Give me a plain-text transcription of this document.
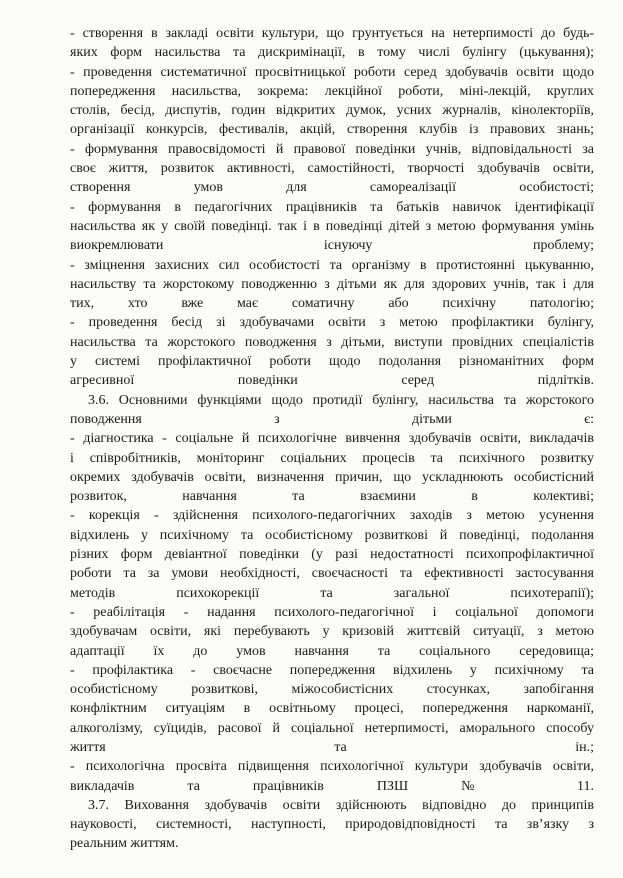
- створення в закладі освіти культури, що грунтується на нетерпимості до будь-
яких форм насильства та дискримінації, в тому числі булінгу (цькування);
- проведення систематичної просвітницької роботи серед здобувачів освіти щодо
попередження насильства, зокрема: лекційної роботи, міні-лекцій, круглих
столів, бесід, диспутів, годин відкритих думок, усних журналів, кінолекторіїв,
організації конкурсів, фестивалів, акцій, створення клубів із правових знань;
- формування правосвідомості й правової поведінки учнів, відповідальності за
своє життя, розвиток активності, самостійності, творчості здобувачів освіти,
створення умов для самореалізації особистості;
- формування в педагогічних працівників та батьків навичок ідентифікації
насильства як у своїй поведінці. так і в поведінці дітей з метою формування умінь
виокремлювати існуючу проблему;
- зміцнення захисних сил особистості та організму в протистоянні цькуванню,
насильству та жорстокому поводженню з дітьми як для здорових учнів, так і для
тих, хто вже має соматичну або психічну патологію;
- проведення бесід зі здобувачами освіти з метою профілактики булінгу,
насильства та жорстокого поводження з дітьми, виступи провідних спеціалістів
у системі профілактичної роботи щодо подолання різноманітних форм
агресивної поведінки серед підлітків.
3.6. Основними функціями щодо протидії булінгу, насильства та жорстокого
поводження з дітьми є:
- діагностика - соціальне й психологічне вивчення здобувачів освіти, викладачів
і співробітників, моніторинг соціальних процесів та психічного розвитку
окремих здобувачів освіти, визначення причин, що ускладнюють особистісний
розвиток, навчання та взаємини в колективі;
- корекція - здійснення психолого-педагогічних заходів з метою усунення
відхилень у психічному та особистісному розвиткові й поведінці, подолання
різних форм девіантної поведінки (у разі недостатності психопрофілактичної
роботи та за умови необхідності, своєчасності та ефективності застосування
методів психокорекції та загальної психотерапії);
- реабілітація - надання психолого-педагогічної і соціальної допомоги
здобувачам освіти, які перебувають у кризовій життєвій ситуації, з метою
адаптації їх до умов навчання та соціального середовища;
- профілактика - своєчасне попередження відхилень у психічному та
особистісному розвиткові, міжособистісних стосунках, запобігання
конфліктним ситуаціям в освітньому процесі, попередження наркоманії,
алкоголізму, суїцидів, расової й соціальної нетерпимості, аморального способу
життя та ін.;
- психологічна просвіта підвищення психологічної культури здобувачів освіти,
викладачів та працівників ПЗШ № 11.
3.7. Виховання здобувачів освіти здійснюють відповідно до принципів
науковості, системності, наступності, природовідповідності та зв’язку з
реальним життям.
